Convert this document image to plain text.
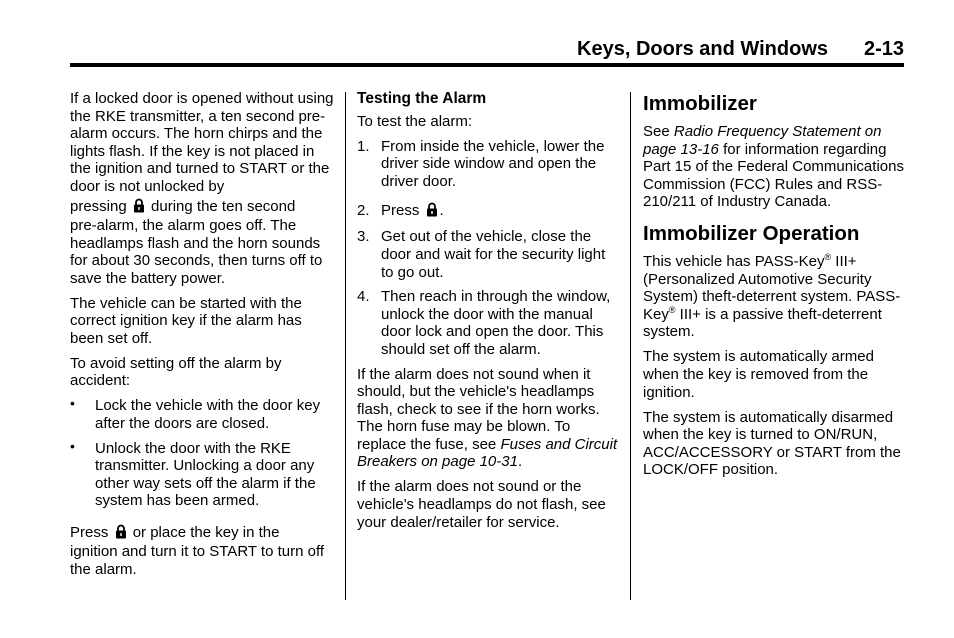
Keys, Doors and Windows 2-13

If a locked door is opened without using the RKE transmitter, a ten second pre-alarm occurs. The horn chirps and the lights flash. If the key is not placed in the ignition and turned to START or the door is not unlocked by

pressing during the ten second

pre-alarm, the alarm goes off. The headlamps flash and the horn sounds for about 30 seconds, then turns off to save the battery power.

The vehicle can be started with the correct ignition key if the alarm has been set off.

To avoid setting off the alarm by accident:

• Lock the vehicle with the door key after the doors are closed.
• Unlock the door with the RKE transmitter. Unlocking a door any other way sets off the alarm if the system has been armed.

Press or place the key in the

ignition and turn it to START to turn off the alarm.

Testing the Alarm

To test the alarm:

1. From inside the vehicle, lower the driver side window and open the driver door.
2. Press .
3. Get out of the vehicle, close the door and wait for the security light to go out.
4. Then reach in through the window, unlock the door with the manual door lock and open the door. This should set off the alarm.

If the alarm does not sound when it should, but the vehicle's headlamps flash, check to see if the horn works. The horn fuse may be blown. To replace the fuse, see Fuses and Circuit Breakers on page 10-31.

If the alarm does not sound or the vehicle's headlamps do not flash, see your dealer/retailer for service.

Immobilizer

See Radio Frequency Statement on page 13-16 for information regarding Part 15 of the Federal Communications Commission (FCC) Rules and RSS-210/211 of Industry Canada.

Immobilizer Operation

This vehicle has PASS-Key® III+ (Personalized Automotive Security System) theft-deterrent system. PASS-Key® III+ is a passive theft-deterrent system.

The system is automatically armed when the key is removed from the ignition.

The system is automatically disarmed when the key is turned to ON/RUN, ACC/ACCESSORY or START from the LOCK/OFF position.
